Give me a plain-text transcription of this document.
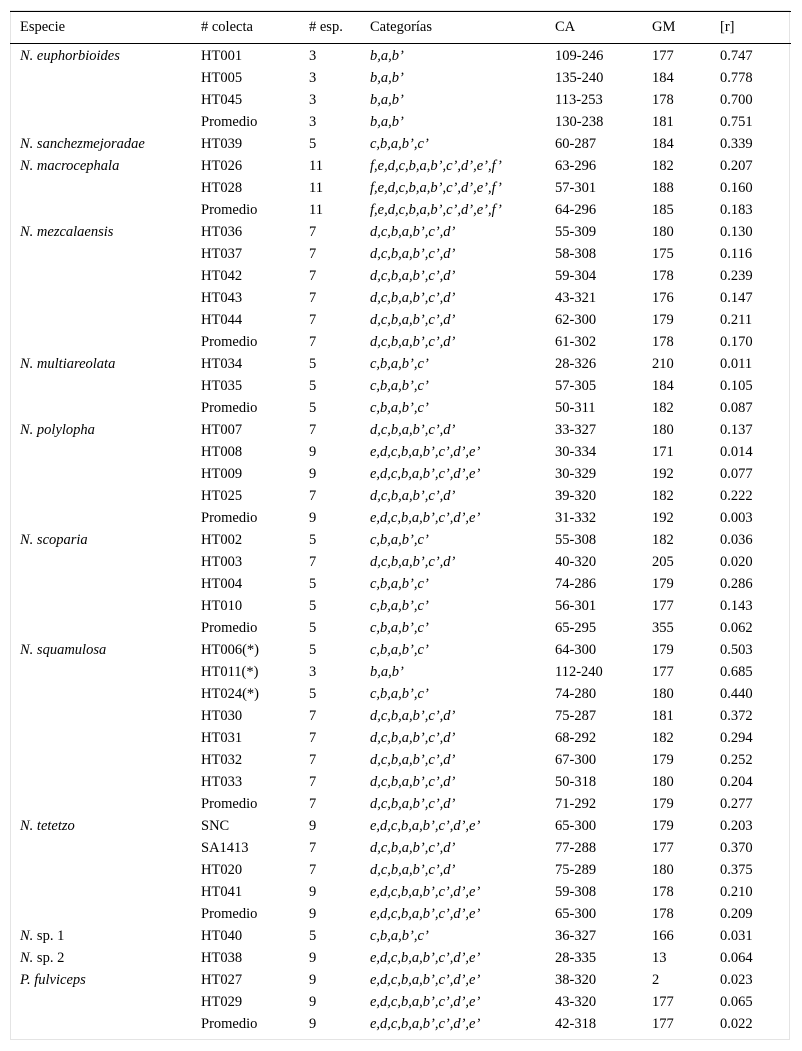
Especie	# colecta	# esp.	Categorías	CA	GM	[r]
N. euphorbioides	HT001	3	b,a,b’	109-246	177	0.747
	HT005	3	b,a,b’	135-240	184	0.778
	HT045	3	b,a,b’	113-253	178	0.700
	Promedio	3	b,a,b’	130-238	181	0.751
N. sanchezmejoradae	HT039	5	c,b,a,b’,c’	60-287	184	0.339
N. macrocephala	HT026	11	f,e,d,c,b,a,b’,c’,d’,e’,f’	63-296	182	0.207
	HT028	11	f,e,d,c,b,a,b’,c’,d’,e’,f’	57-301	188	0.160
	Promedio	11	f,e,d,c,b,a,b’,c’,d’,e’,f’	64-296	185	0.183
N. mezcalaensis	HT036	7	d,c,b,a,b’,c’,d’	55-309	180	0.130
	HT037	7	d,c,b,a,b’,c’,d’	58-308	175	0.116
	HT042	7	d,c,b,a,b’,c’,d’	59-304	178	0.239
	HT043	7	d,c,b,a,b’,c’,d’	43-321	176	0.147
	HT044	7	d,c,b,a,b’,c’,d’	62-300	179	0.211
	Promedio	7	d,c,b,a,b’,c’,d’	61-302	178	0.170
N. multiareolata	HT034	5	c,b,a,b’,c’	28-326	210	0.011
	HT035	5	c,b,a,b’,c’	57-305	184	0.105
	Promedio	5	c,b,a,b’,c’	50-311	182	0.087
N. polylopha	HT007	7	d,c,b,a,b’,c’,d’	33-327	180	0.137
	HT008	9	e,d,c,b,a,b’,c’,d’,e’	30-334	171	0.014
	HT009	9	e,d,c,b,a,b’,c’,d’,e’	30-329	192	0.077
	HT025	7	d,c,b,a,b’,c’,d’	39-320	182	0.222
	Promedio	9	e,d,c,b,a,b’,c’,d’,e’	31-332	192	0.003
N. scoparia	HT002	5	c,b,a,b’,c’	55-308	182	0.036
	HT003	7	d,c,b,a,b’,c’,d’	40-320	205	0.020
	HT004	5	c,b,a,b’,c’	74-286	179	0.286
	HT010	5	c,b,a,b’,c’	56-301	177	0.143
	Promedio	5	c,b,a,b’,c’	65-295	355	0.062
N. squamulosa	HT006(*)	5	c,b,a,b’,c’	64-300	179	0.503
	HT011(*)	3	b,a,b’	112-240	177	0.685
	HT024(*)	5	c,b,a,b’,c’	74-280	180	0.440
	HT030	7	d,c,b,a,b’,c’,d’	75-287	181	0.372
	HT031	7	d,c,b,a,b’,c’,d’	68-292	182	0.294
	HT032	7	d,c,b,a,b’,c’,d’	67-300	179	0.252
	HT033	7	d,c,b,a,b’,c’,d’	50-318	180	0.204
	Promedio	7	d,c,b,a,b’,c’,d’	71-292	179	0.277
N. tetetzo	SNC	9	e,d,c,b,a,b’,c’,d’,e’	65-300	179	0.203
	SA1413	7	d,c,b,a,b’,c’,d’	77-288	177	0.370
	HT020	7	d,c,b,a,b’,c’,d’	75-289	180	0.375
	HT041	9	e,d,c,b,a,b’,c’,d’,e’	59-308	178	0.210
	Promedio	9	e,d,c,b,a,b’,c’,d’,e’	65-300	178	0.209
N. sp. 1	HT040	5	c,b,a,b’,c’	36-327	166	0.031
N. sp. 2	HT038	9	e,d,c,b,a,b’,c’,d’,e’	28-335	13	0.064
P. fulviceps	HT027	9	e,d,c,b,a,b’,c’,d’,e’	38-320	2	0.023
	HT029	9	e,d,c,b,a,b’,c’,d’,e’	43-320	177	0.065
	Promedio	9	e,d,c,b,a,b’,c’,d’,e’	42-318	177	0.022
